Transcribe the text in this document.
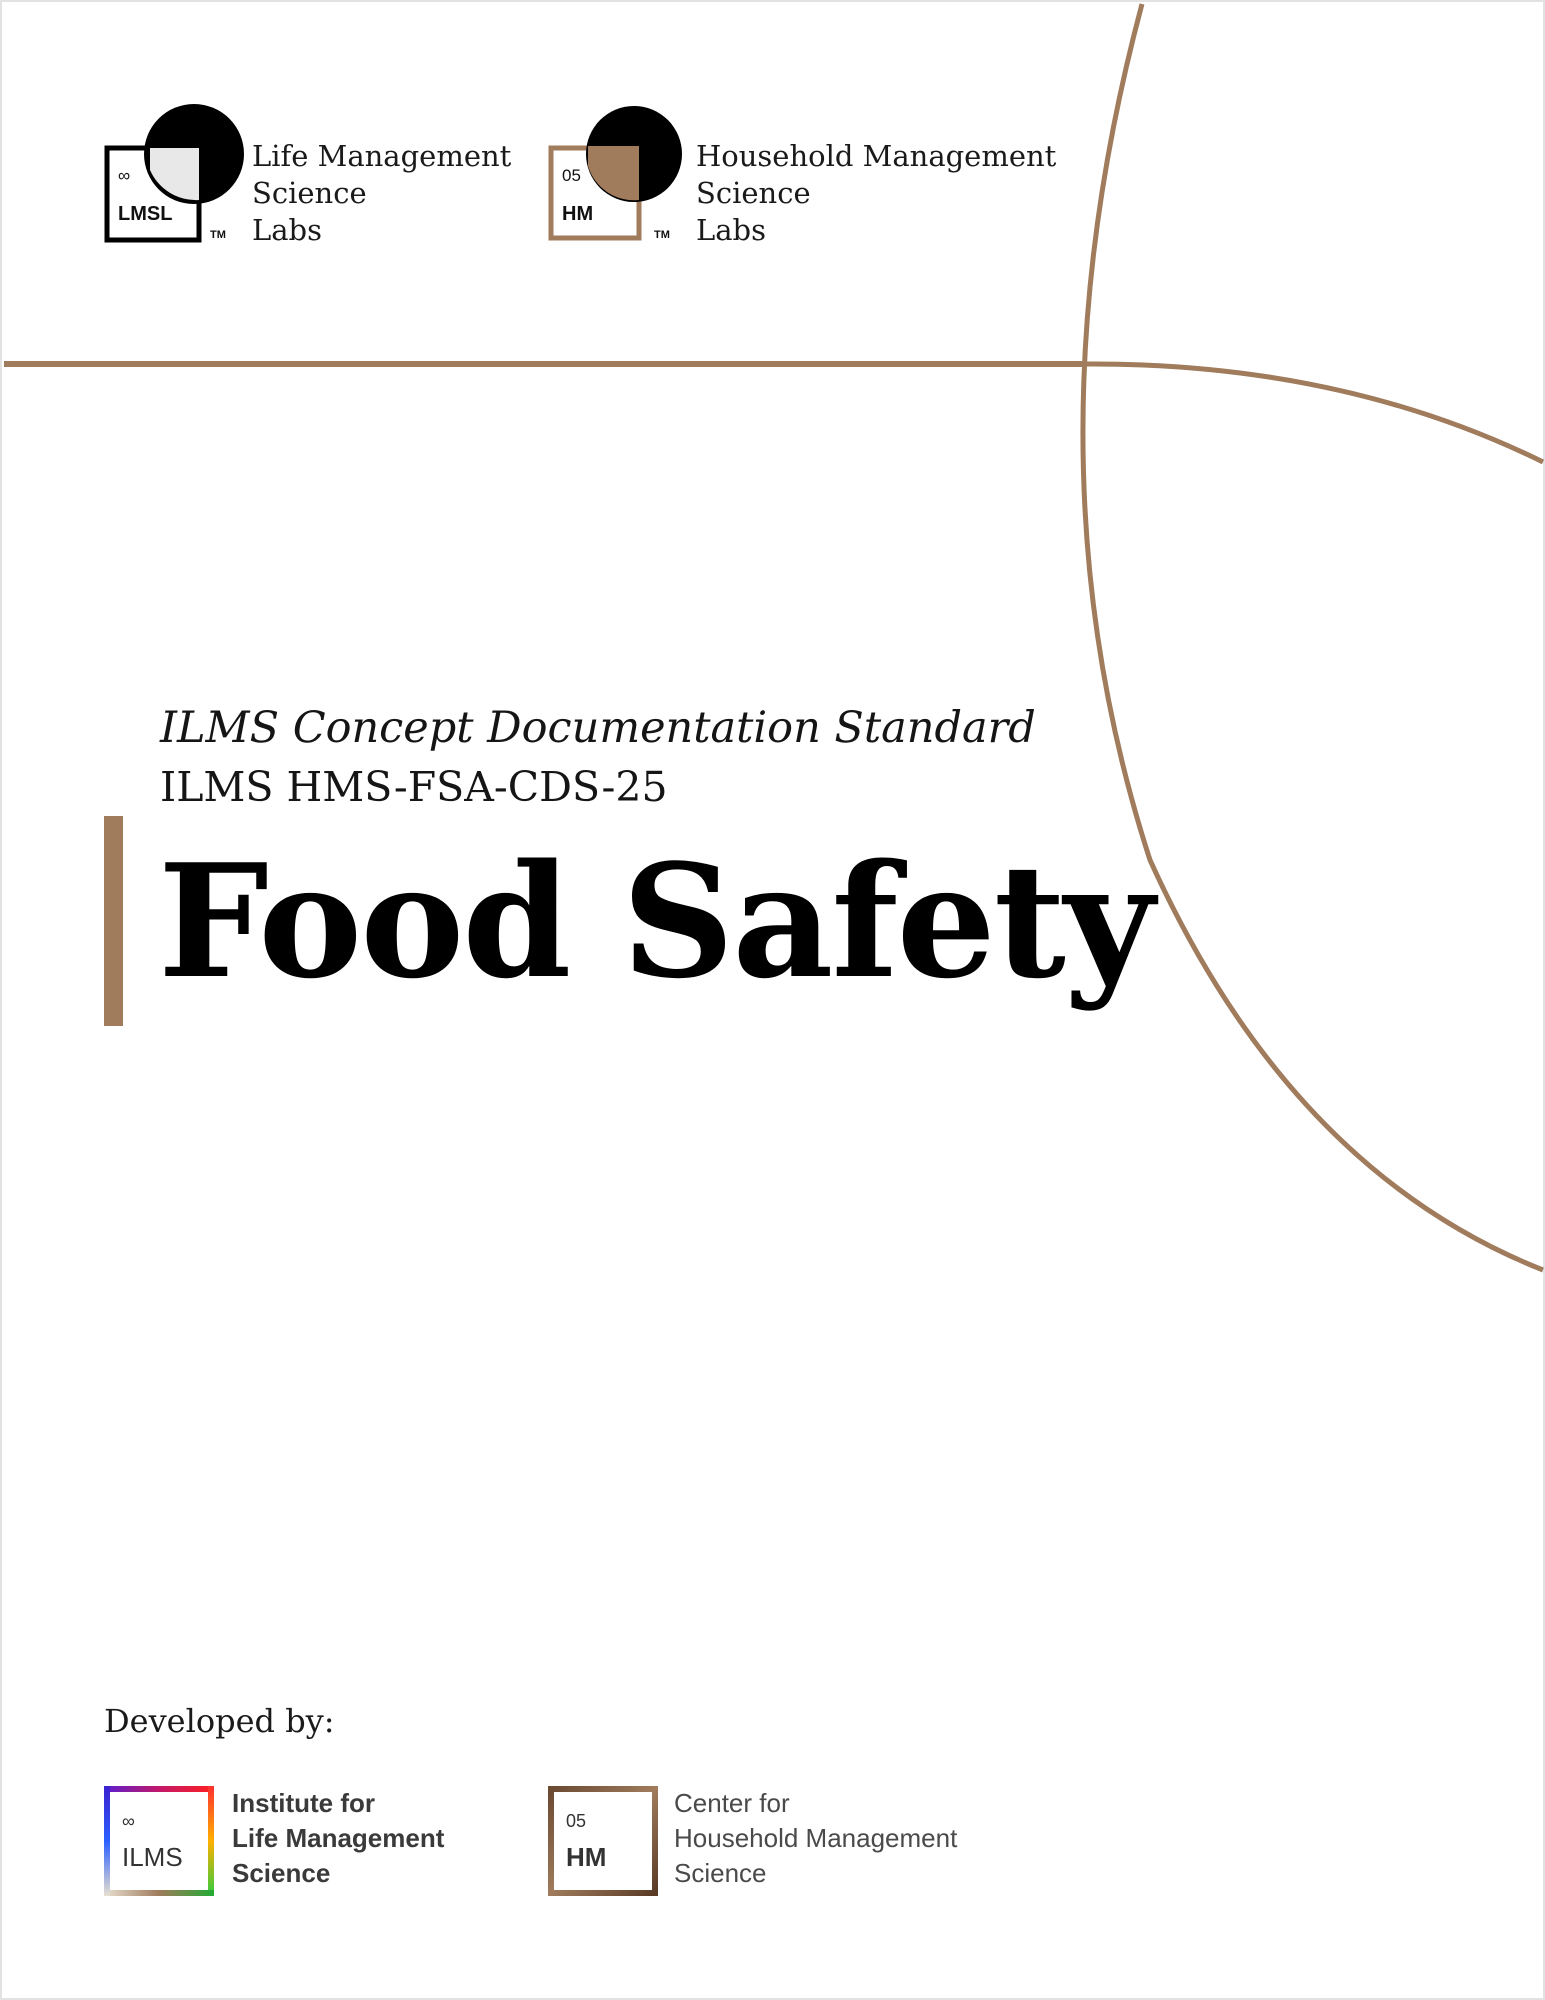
∞
LMSL
TM
Life Management
Science
Labs
05
HM
TM
Household Management
Science
Labs
ILMS Concept Documentation Standard
ILMS HMS-FSA-CDS-25
Food Safety
Developed by:
∞
ILMS
Institute for
Life Management
Science
05
HM
Center for
Household Management
Science
